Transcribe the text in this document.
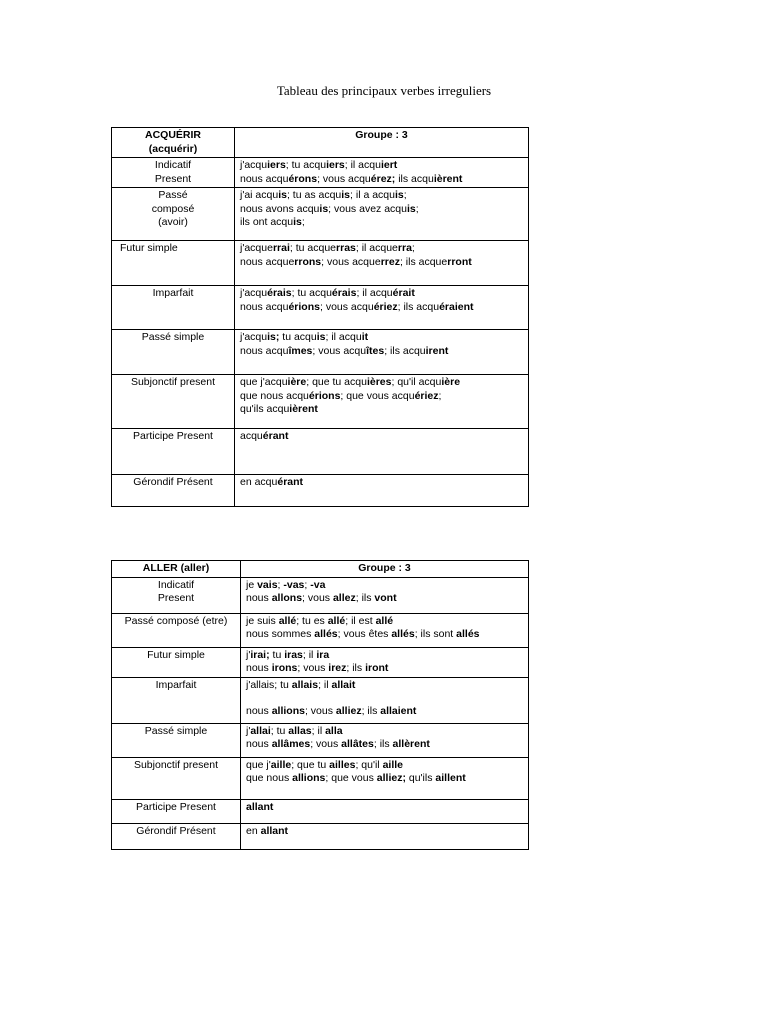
Tableau des principaux verbes irreguliers
ACQUÉRIR
(acquérir)	Groupe : 3

Indicatif
Present	j'acquiers; tu acquiers; il acquiert
nous acquérons; vous acquérez; ils acquièrent

Passé
composé
(avoir)	j'ai acquis; tu as acquis; il a acquis;
nous avons acquis; vous avez acquis;
ils ont acquis;

Futur simple	j'acquerrai; tu acquerras; il acquerra;
nous acquerrons; vous acquerrez; ils acquerront

Imparfait	j'acquérais; tu acquérais; il acquérait
nous acquérions; vous acquériez; ils acquéraient

Passé simple	j'acquis; tu acquis; il acquit
nous acquîmes; vous acquîtes; ils acquirent

Subjonctif present	que j'acquière; que tu acquières; qu'il acquière
que nous acquérions; que vous acquériez;
qu'ils acquièrent

Participe Present	acquérant

Gérondif Présent	en acquérant
ALLER (aller)	Groupe : 3

Indicatif
Present	je vais; -vas; -va
nous allons; vous allez; ils vont

Passé composé (etre)	je suis allé; tu es allé; il est allé
nous sommes allés; vous êtes allés; ils sont allés

Futur simple	j'irai; tu iras; il ira
nous irons; vous irez; ils iront

Imparfait	j'allais; tu allais; il allait
nous allions; vous alliez; ils allaient

Passé simple	j'allai; tu allas; il alla
nous allâmes; vous allâtes; ils allèrent

Subjonctif present	que j'aille; que tu ailles; qu'il aille
que nous allions; que vous alliez; qu'ils aillent

Participe Present	allant

Gérondif Présent	en allant
